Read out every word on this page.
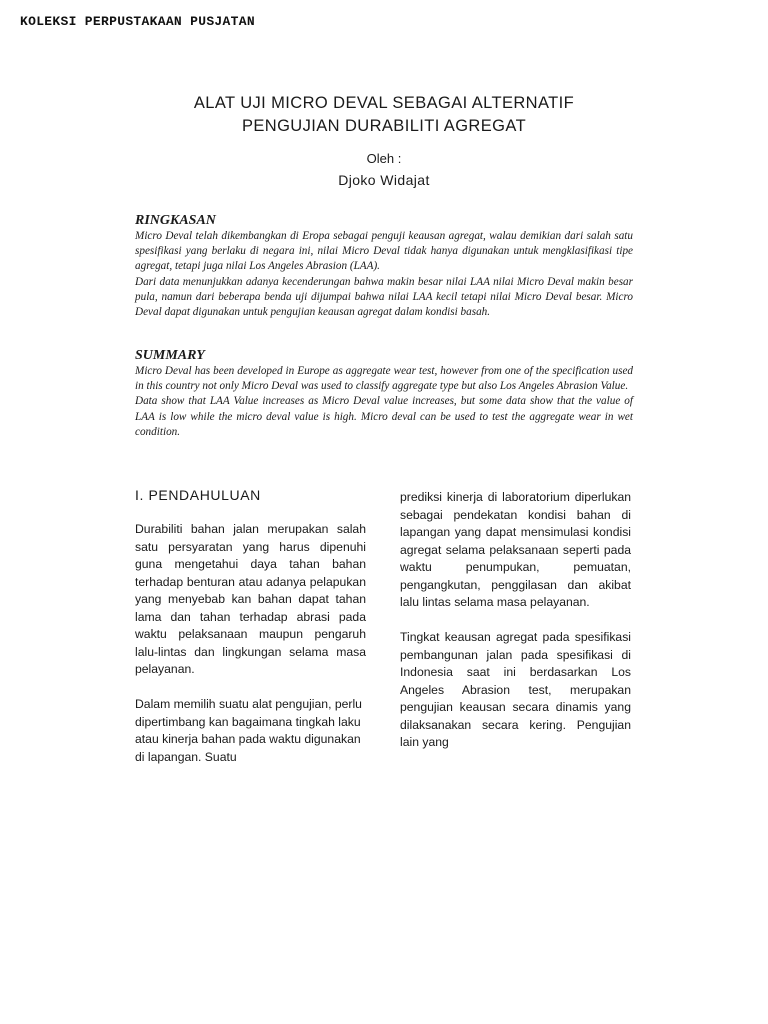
KOLEKSI PERPUSTAKAAN PUSJATAN
ALAT UJI MICRO DEVAL SEBAGAI ALTERNATIF
PENGUJIAN DURABILITI AGREGAT
Oleh :
Djoko Widajat
RINGKASAN

Micro Deval telah dikembangkan di Eropa sebagai penguji keausan agregat, walau demikian dari salah satu spesifikasi yang berlaku di negara ini, nilai Micro Deval tidak hanya digunakan untuk mengklasifikasi tipe agregat, tetapi juga nilai Los Angeles Abrasion (LAA).

Dari data menunjukkan adanya kecenderungan bahwa makin besar nilai LAA nilai Micro Deval makin besar pula, namun dari beberapa benda uji dijumpai bahwa nilai LAA kecil tetapi nilai Micro Deval besar. Micro Deval dapat digunakan untuk pengujian keausan agregat dalam kondisi basah.

SUMMARY

Micro Deval has been developed in Europe as aggregate wear test, however from one of the specification used in this country not only Micro Deval was used to classify aggregate type but also Los Angeles Abrasion Value.

Data show that LAA Value increases as Micro Deval value increases, but some data show that the value of LAA is low while the micro deval value is high. Micro deval can be used to test the aggregate wear in wet condition.

I. PENDAHULUAN

Durabiliti bahan jalan merupakan salah satu persyaratan yang harus dipenuhi guna mengetahui daya tahan bahan terhadap benturan atau adanya pelapukan yang menyebab kan bahan dapat tahan lama dan tahan terhadap abrasi pada waktu pelaksanaan maupun pengaruh lalu-lintas dan lingkungan selama masa pelayanan.

Dalam memilih suatu alat pengujian, perlu dipertimbang kan bagaimana tingkah laku atau kinerja bahan pada waktu digunakan di lapangan. Suatu

prediksi kinerja di laboratorium diperlukan sebagai pendekatan kondisi bahan di lapangan yang dapat mensimulasi kondisi agregat selama pelaksanaan seperti pada waktu penumpukan, pemuatan, pengangkutan, penggilasan dan akibat lalu lintas selama masa pelayanan.

Tingkat keausan agregat pada spesifikasi pembangunan jalan pada spesifikasi di Indonesia saat ini berdasarkan Los Angeles Abrasion test, merupakan pengujian keausan secara dinamis yang dilaksanakan secara kering. Pengujian lain yang
